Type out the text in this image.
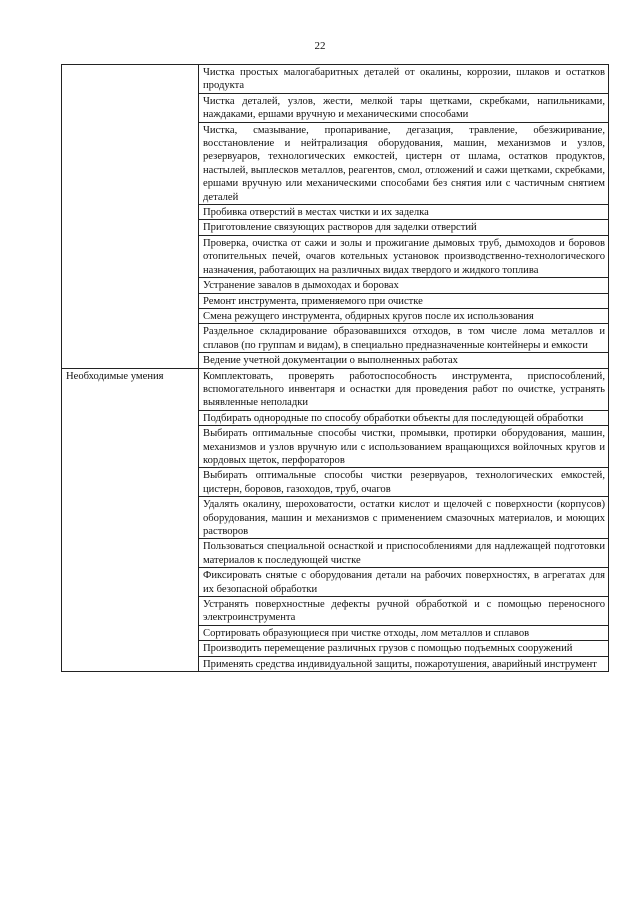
22
	Чистка простых малогабаритных деталей от окалины, коррозии, шлаков и остатков продукта
	Чистка деталей, узлов, жести, мелкой тары щетками, скребками, напильниками, наждаками, ершами вручную и механическими способами
	Чистка, смазывание, пропаривание, дегазация, травление, обезжиривание, восстановление и нейтрализация оборудования, машин, механизмов и узлов, резервуаров, технологических емкостей, цистерн от шлама, остатков продуктов, настылей, выплесков металлов, реагентов, смол, отложений и сажи щетками, скребками, ершами вручную или механическими способами без снятия или с частичным снятием деталей
	Пробивка отверстий в местах чистки и их заделка
	Приготовление связующих растворов для заделки отверстий
	Проверка, очистка от сажи и золы и прожигание дымовых труб, дымоходов и боровов отопительных печей, очагов котельных установок производственно-технологического назначения, работающих на различных видах твердого и жидкого топлива
	Устранение завалов в дымоходах и боровах
	Ремонт инструмента, применяемого при очистке
	Смена режущего инструмента, обдирных кругов после их использования
	Раздельное складирование образовавшихся отходов, в том числе лома металлов и сплавов (по группам и видам), в специально предназначенные контейнеры и емкости
	Ведение учетной документации о выполненных работах
Необходимые умения	Комплектовать, проверять работоспособность инструмента, приспособлений, вспомогательного инвентаря и оснастки для проведения работ по очистке, устранять выявленные неполадки
	Подбирать однородные по способу обработки объекты для последующей обработки
	Выбирать оптимальные способы чистки, промывки, протирки оборудования, машин, механизмов и узлов вручную или с использованием вращающихся войлочных кругов и кордовых щеток, перфораторов
	Выбирать оптимальные способы чистки резервуаров, технологических емкостей, цистерн, боровов, газоходов, труб, очагов
	Удалять окалину, шероховатости, остатки кислот и щелочей с поверхности (корпусов) оборудования, машин и механизмов с применением смазочных материалов, и моющих растворов
	Пользоваться специальной оснасткой и приспособлениями для надлежащей подготовки материалов к последующей чистке
	Фиксировать снятые с оборудования детали на рабочих поверхностях, в агрегатах для их безопасной обработки
	Устранять поверхностные дефекты ручной обработкой и с помощью переносного электроинструмента
	Сортировать образующиеся при чистке отходы, лом металлов и сплавов
	Производить перемещение различных грузов с помощью подъемных сооружений
	Применять средства индивидуальной защиты, пожаротушения, аварийный инструмент
